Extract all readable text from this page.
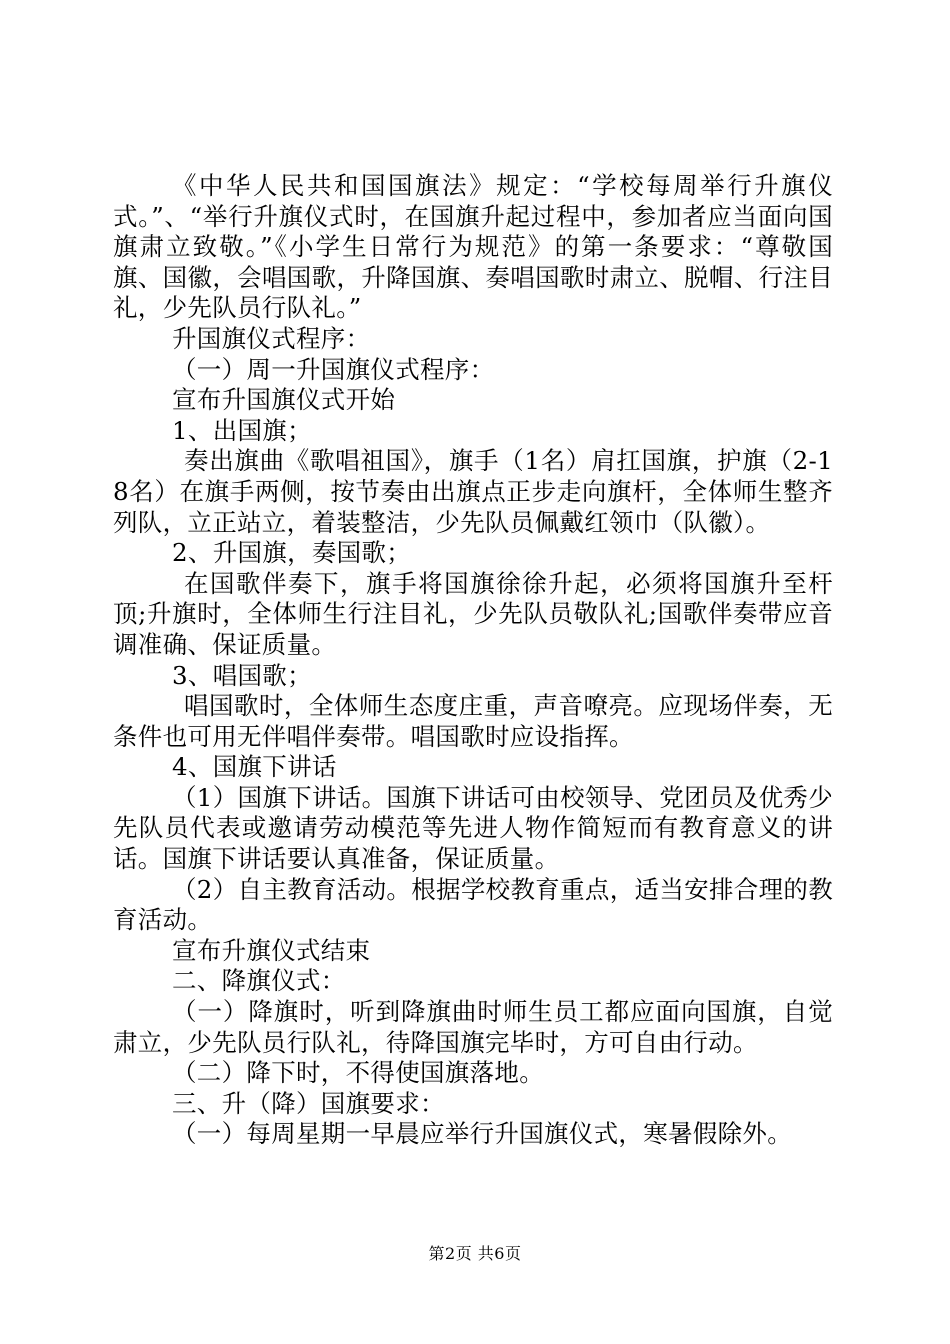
《中华人民共和国国旗法》规定：“学校每周举行升旗仪式。”、“举行升旗仪式时，在国旗升起过程中，参加者应当面向国旗肃立致敬。”《小学生日常行为规范》的第一条要求：“尊敬国旗、国徽，会唱国歌，升降国旗、奏唱国歌时肃立、脱帽、行注目礼，少先队员行队礼。”

升国旗仪式程序：

（一）周一升国旗仪式程序：

宣布升国旗仪式开始

1、出国旗；

奏出旗曲《歌唱祖国》，旗手（1名）肩扛国旗，护旗（2-18名）在旗手两侧，按节奏由出旗点正步走向旗杆，全体师生整齐列队，立正站立，着装整洁，少先队员佩戴红领巾（队徽）。

2、升国旗，奏国歌；

在国歌伴奏下，旗手将国旗徐徐升起，必须将国旗升至杆顶;升旗时，全体师生行注目礼，少先队员敬队礼;国歌伴奏带应音调准确、保证质量。

3、唱国歌；

唱国歌时，全体师生态度庄重，声音嘹亮。应现场伴奏，无条件也可用无伴唱伴奏带。唱国歌时应设指挥。

4、国旗下讲话

（1）国旗下讲话。国旗下讲话可由校领导、党团员及优秀少先队员代表或邀请劳动模范等先进人物作简短而有教育意义的讲话。国旗下讲话要认真准备，保证质量。

（2）自主教育活动。根据学校教育重点，适当安排合理的教育活动。

宣布升旗仪式结束

二、降旗仪式：

（一）降旗时，听到降旗曲时师生员工都应面向国旗，自觉肃立，少先队员行队礼，待降国旗完毕时，方可自由行动。

（二）降下时，不得使国旗落地。

三、升（降）国旗要求：

（一）每周星期一早晨应举行升国旗仪式，寒暑假除外。

第2页 共6页
